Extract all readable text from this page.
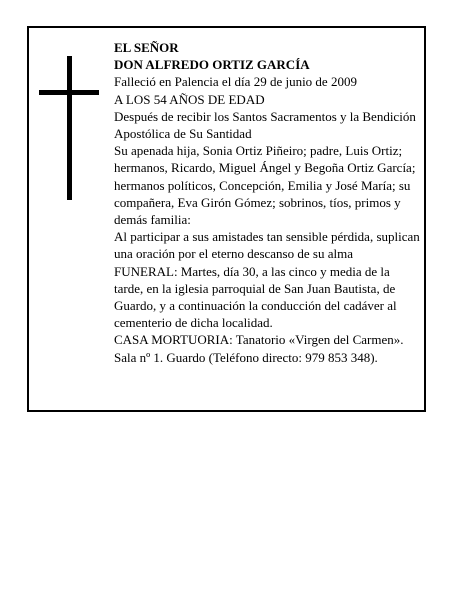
EL SEÑOR

DON ALFREDO ORTIZ GARCÍA

Falleció en Palencia el día 29 de junio de 2009

A LOS 54 AÑOS DE EDAD

Después de recibir los Santos Sacramentos y la Bendición Apostólica de Su Santidad

Su apenada hija, Sonia Ortiz Piñeiro; padre, Luis Ortiz; hermanos, Ricardo, Miguel Ángel y Begoña Ortiz García; hermanos políticos, Concepción, Emilia y José María; su compañera, Eva Girón Gómez; sobrinos, tíos, primos y demás familia:

Al participar a sus amistades tan sensible pérdida, suplican una oración por el eterno descanso de su alma

FUNERAL: Martes, día 30, a las cinco y media de la tarde, en la iglesia parroquial de San Juan Bautista, de Guardo, y a continuación la conducción del cadáver al cementerio de dicha localidad.

CASA MORTUORIA: Tanatorio «Virgen del Carmen». Sala nº 1. Guardo (Teléfono directo: 979 853 348).
